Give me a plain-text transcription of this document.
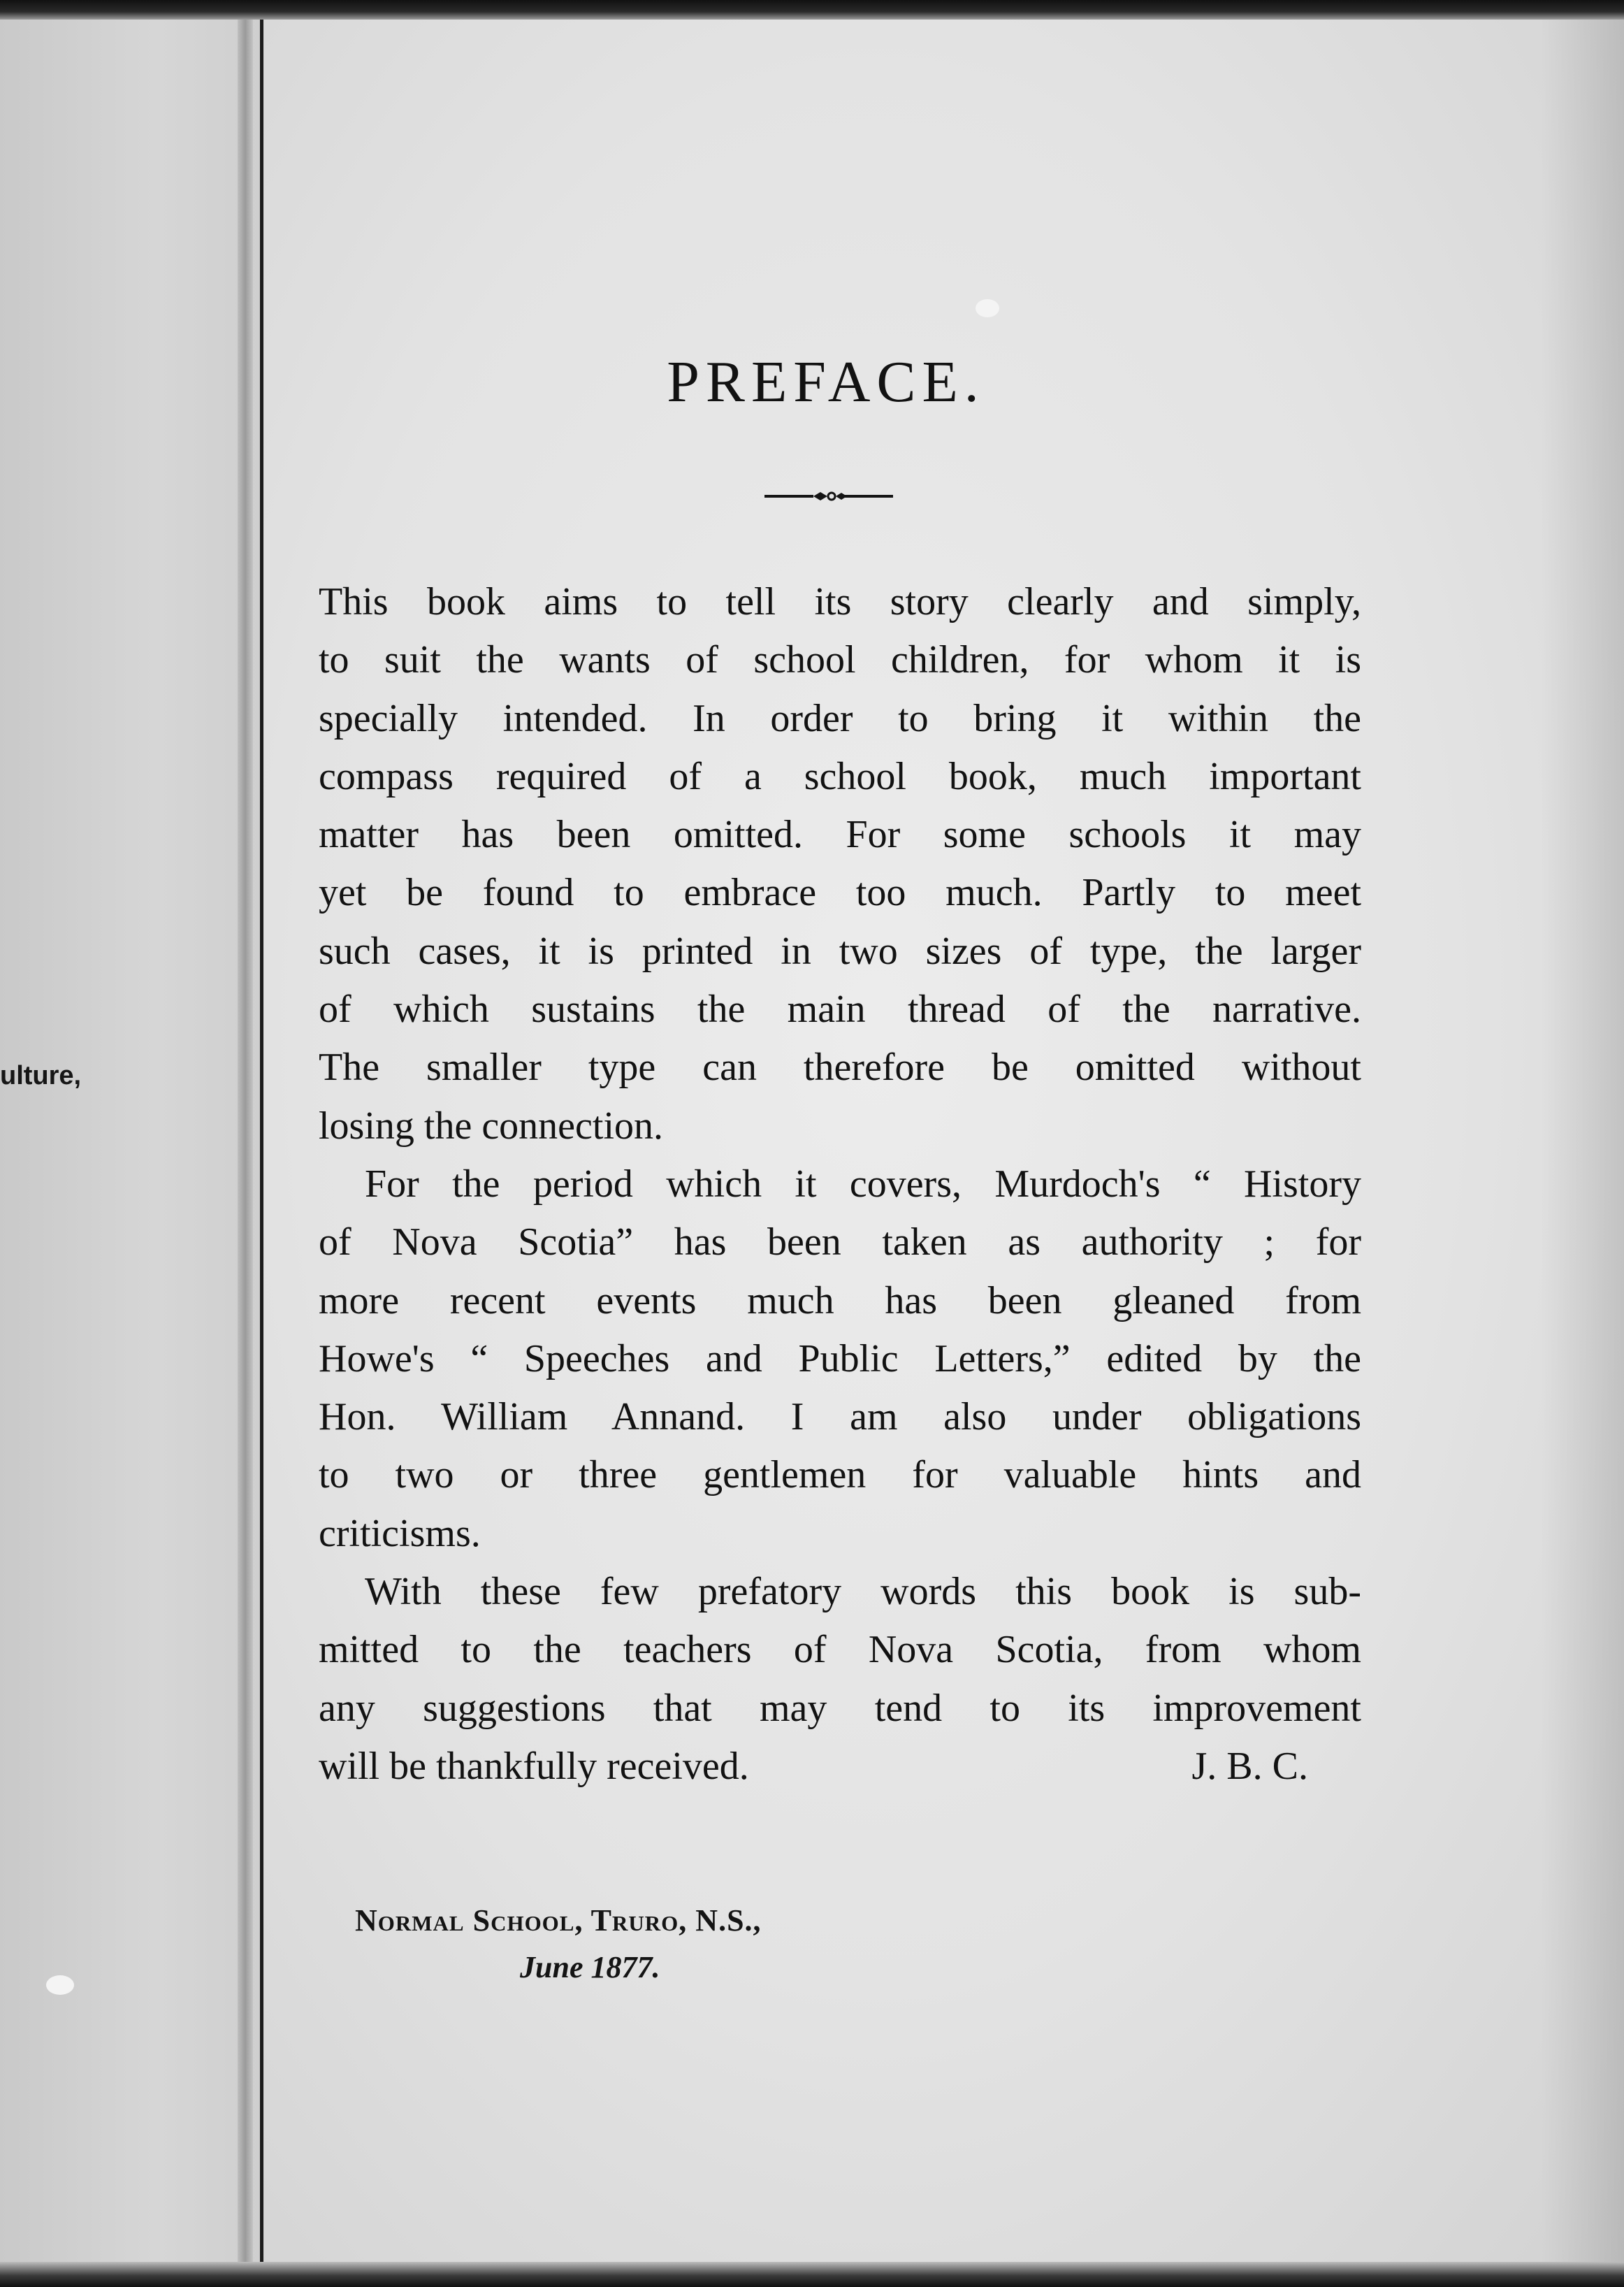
ulture,
PREFACE.

This book aims to tell its story clearly and simply,

to suit the wants of school children, for whom it is

specially intended. In order to bring it within the

compass required of a school book, much important

matter has been omitted. For some schools it may

yet be found to embrace too much. Partly to meet

such cases, it is printed in two sizes of type, the larger

of which sustains the main thread of the narrative.

The smaller type can therefore be omitted without

losing the connection.

For the period which it covers, Murdoch's “ History

of Nova Scotia” has been taken as authority ; for

more recent events much has been gleaned from

Howe's “ Speeches and Public Letters,” edited by the

Hon. William Annand. I am also under obligations

to two or three gentlemen for valuable hints and

criticisms.

With these few prefatory words this book is sub-

mitted to the teachers of Nova Scotia, from whom

any suggestions that may tend to its improvement

will be thankfully received.	J. B. C.
Normal School, Truro, N.S.,
June 1877.
